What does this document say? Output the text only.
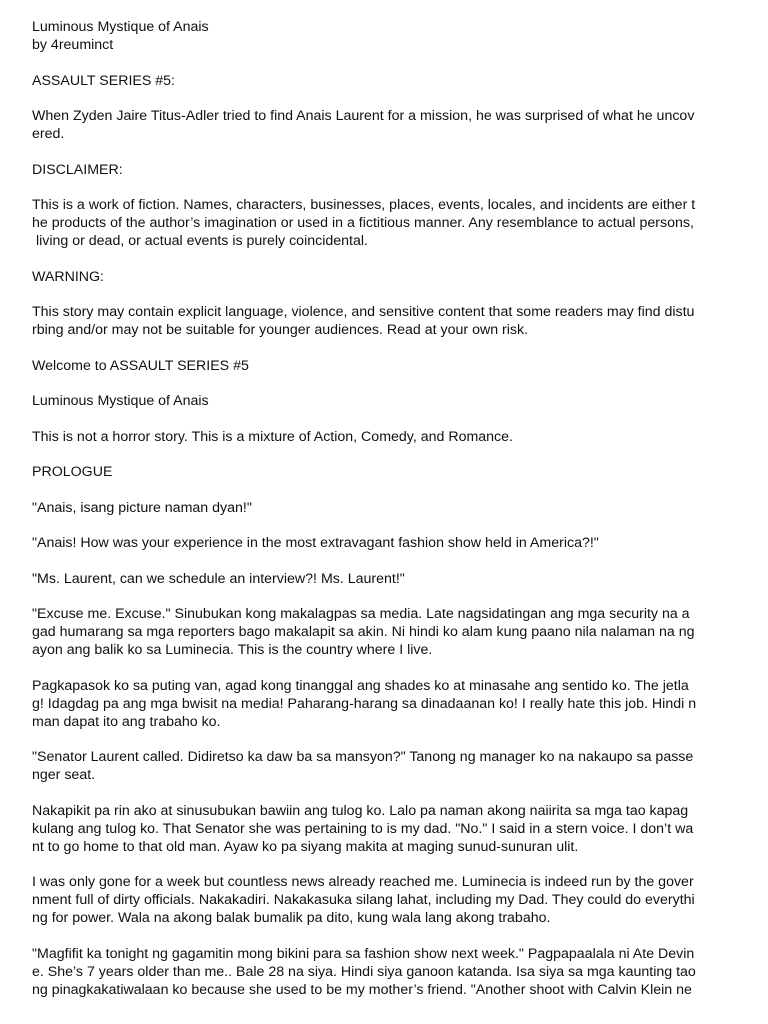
Luminous Mystique of Anais
by 4reuminct
ASSAULT SERIES #5:
When Zyden Jaire Titus-Adler tried to find Anais Laurent for a mission, he was surprised of what he uncov
ered.
DISCLAIMER:
This is a work of fiction. Names, characters, businesses, places, events, locales, and incidents are either t
he products of the author’s imagination or used in a fictitious manner. Any resemblance to actual persons,
living or dead, or actual events is purely coincidental.
WARNING:
This story may contain explicit language, violence, and sensitive content that some readers may find distu
rbing and/or may not be suitable for younger audiences. Read at your own risk.
Welcome to ASSAULT SERIES #5
Luminous Mystique of Anais
This is not a horror story. This is a mixture of Action, Comedy, and Romance.
PROLOGUE
"Anais, isang picture naman dyan!"
"Anais! How was your experience in the most extravagant fashion show held in America?!"
"Ms. Laurent, can we schedule an interview?! Ms. Laurent!"
"Excuse me. Excuse." Sinubukan kong makalagpas sa media. Late nagsidatingan ang mga security na a
gad humarang sa mga reporters bago makalapit sa akin. Ni hindi ko alam kung paano nila nalaman na ng
ayon ang balik ko sa Luminecia. This is the country where I live.
Pagkapasok ko sa puting van, agad kong tinanggal ang shades ko at minasahe ang sentido ko. The jetla
g! Idagdag pa ang mga bwisit na media! Paharang-harang sa dinadaanan ko! I really hate this job. Hindi n
man dapat ito ang trabaho ko.
"Senator Laurent called. Didiretso ka daw ba sa mansyon?" Tanong ng manager ko na nakaupo sa passe
nger seat.
Nakapikit pa rin ako at sinusubukan bawiin ang tulog ko. Lalo pa naman akong naiirita sa mga tao kapag
kulang ang tulog ko. That Senator she was pertaining to is my dad. "No." I said in a stern voice. I don’t wa
nt to go home to that old man. Ayaw ko pa siyang makita at maging sunud-sunuran ulit.
I was only gone for a week but countless news already reached me. Luminecia is indeed run by the gover
nment full of dirty officials. Nakakadiri. Nakakasuka silang lahat, including my Dad. They could do everythi
ng for power. Wala na akong balak bumalik pa dito, kung wala lang akong trabaho.
"Magfifit ka tonight ng gagamitin mong bikini para sa fashion show next week." Pagpapaalala ni Ate Devin
e. She’s 7 years older than me.. Bale 28 na siya. Hindi siya ganoon katanda. Isa siya sa mga kaunting tao
ng pinagkakatiwalaan ko because she used to be my mother’s friend. "Another shoot with Calvin Klein ne
